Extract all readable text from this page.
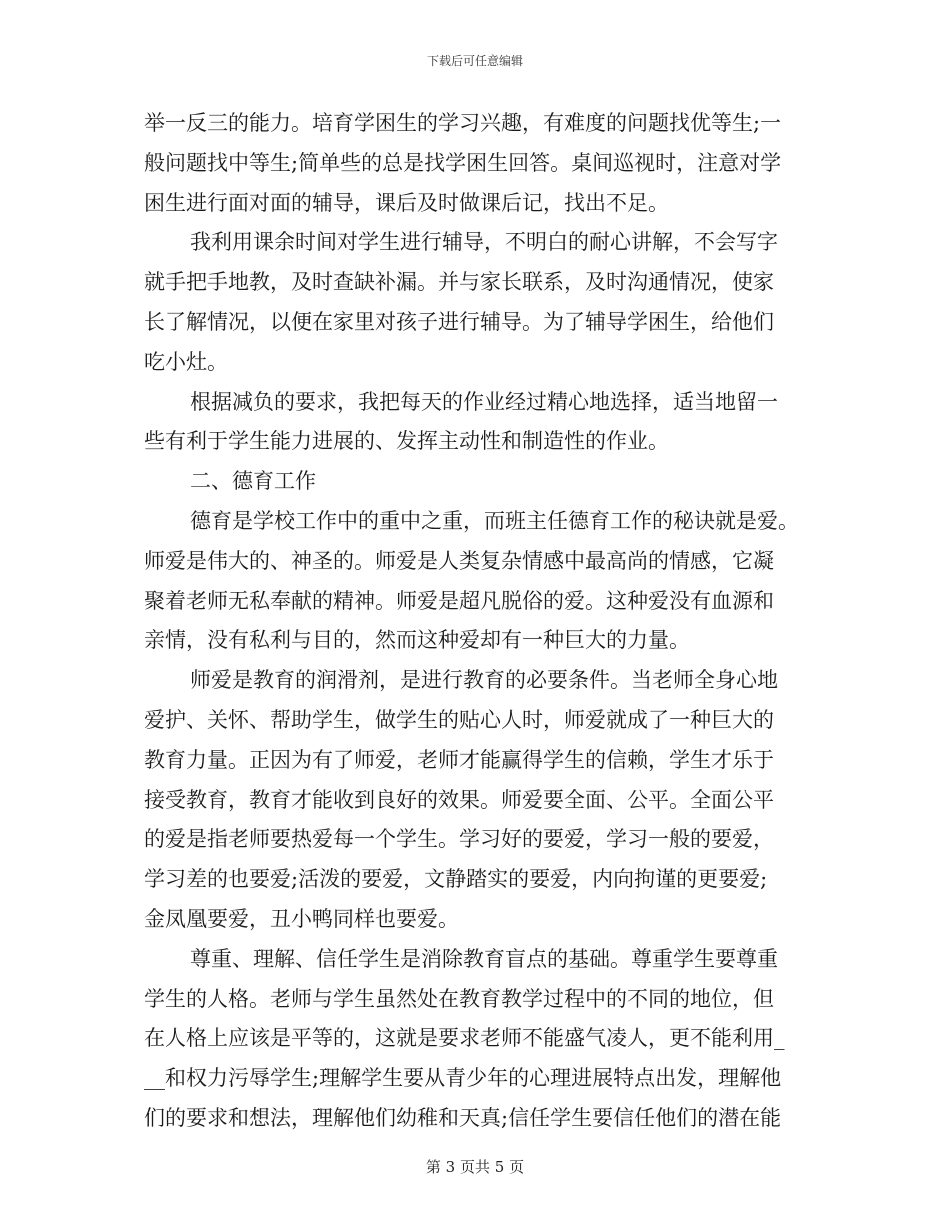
下载后可任意编辑
举一反三的能力。培育学困生的学习兴趣，有难度的问题找优等生;一
般问题找中等生;简单些的总是找学困生回答。桌间巡视时，注意对学
困生进行面对面的辅导，课后及时做课后记，找出不足。
我利用课余时间对学生进行辅导，不明白的耐心讲解，不会写字
就手把手地教，及时查缺补漏。并与家长联系，及时沟通情况，使家
长了解情况，以便在家里对孩子进行辅导。为了辅导学困生，给他们
吃小灶。
根据减负的要求，我把每天的作业经过精心地选择，适当地留一
些有利于学生能力进展的、发挥主动性和制造性的作业。
二、德育工作
德育是学校工作中的重中之重，而班主任德育工作的秘诀就是爱。
师爱是伟大的、神圣的。师爱是人类复杂情感中最高尚的情感，它凝
聚着老师无私奉献的精神。师爱是超凡脱俗的爱。这种爱没有血源和
亲情，没有私利与目的，然而这种爱却有一种巨大的力量。
师爱是教育的润滑剂，是进行教育的必要条件。当老师全身心地
爱护、关怀、帮助学生，做学生的贴心人时，师爱就成了一种巨大的
教育力量。正因为有了师爱，老师才能赢得学生的信赖，学生才乐于
接受教育，教育才能收到良好的效果。师爱要全面、公平。全面公平
的爱是指老师要热爱每一个学生。学习好的要爱，学习一般的要爱，
学习差的也要爱;活泼的要爱，文静踏实的要爱，内向拘谨的更要爱;
金凤凰要爱，丑小鸭同样也要爱。
尊重、理解、信任学生是消除教育盲点的基础。尊重学生要尊重
学生的人格。老师与学生虽然处在教育教学过程中的不同的地位，但
在人格上应该是平等的，这就是要求老师不能盛气凌人，更不能利用_
__和权力污辱学生;理解学生要从青少年的心理进展特点出发，理解他
们的要求和想法，理解他们幼稚和天真;信任学生要信任他们的潜在能
第 3 页共 5 页
